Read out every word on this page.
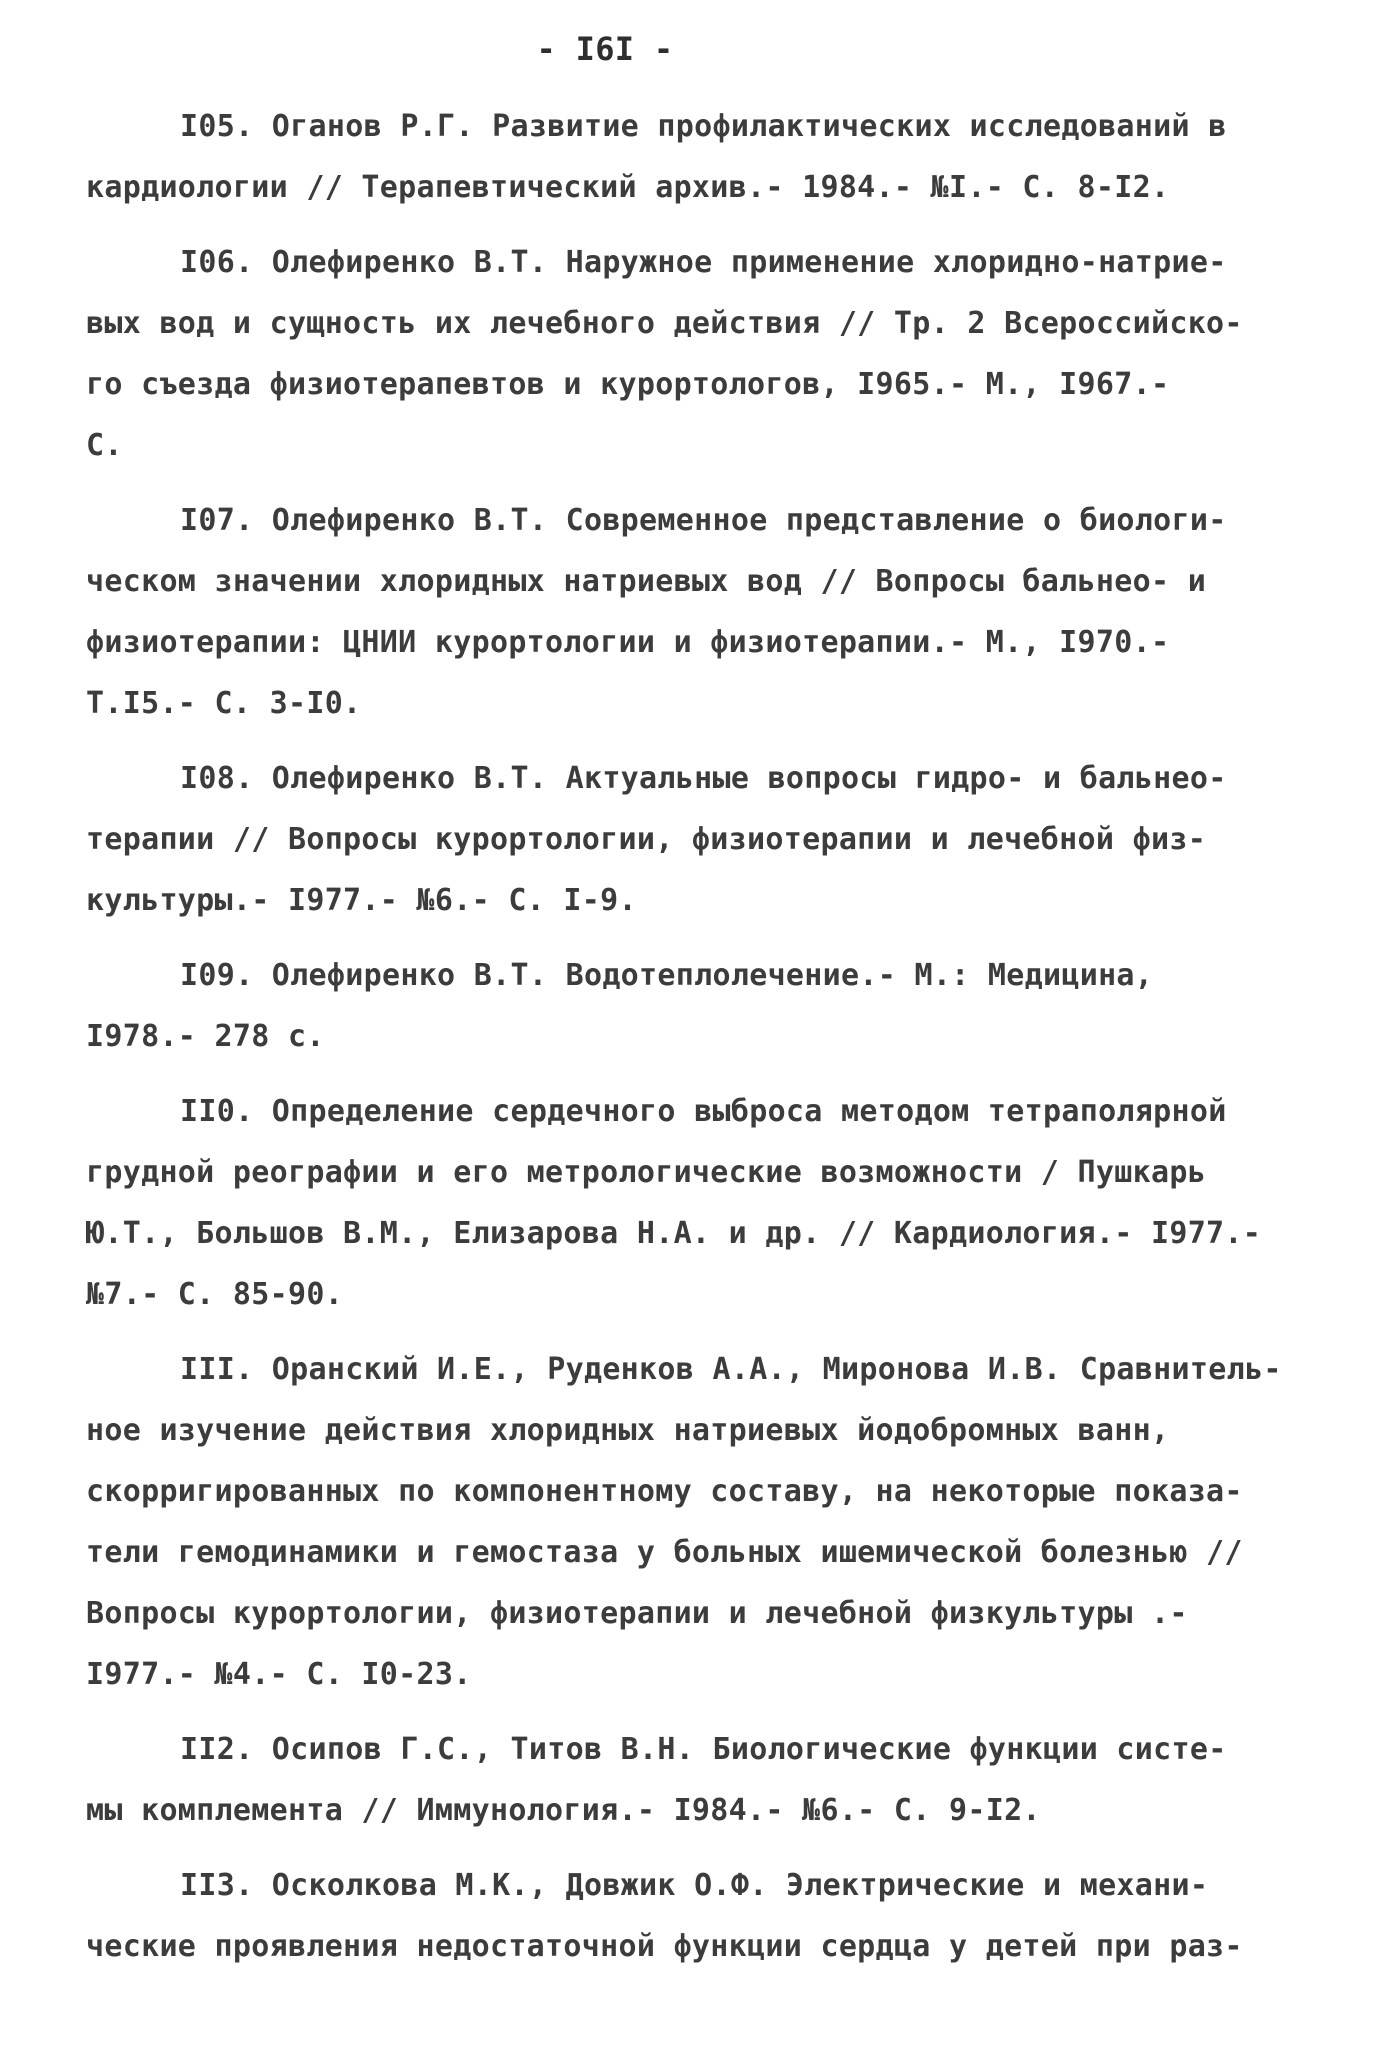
- I6I -
I05. Оганов Р.Г. Развитие профилактических исследований в
кардиологии // Терапевтический архив.- 1984.- №I.- С. 8-I2.
I06. Олефиренко В.Т. Наружное применение хлоридно-натрие-
вых вод и сущность их лечебного действия // Тр. 2 Всероссийско-
го съезда физиотерапевтов и курортологов, I965.- М., I967.-
С.
I07. Олефиренко В.Т. Современное представление о биологи-
ческом значении хлоридных натриевых вод // Вопросы бальнео- и
физиотерапии: ЦНИИ курортологии и физиотерапии.- М., I970.-
Т.I5.- С. 3-I0.
I08. Олефиренко В.Т. Актуальные вопросы гидро- и бальнео-
терапии // Вопросы курортологии, физиотерапии и лечебной физ-
культуры.- I977.- №6.- С. I-9.
I09. Олефиренко В.Т. Водотеплолечение.- М.: Медицина,
I978.- 278 с.
II0. Определение сердечного выброса методом тетраполярной
грудной реографии и его метрологические возможности / Пушкарь
Ю.Т., Большов В.М., Елизарова Н.А. и др. // Кардиология.- I977.-
№7.- С. 85-90.
III. Оранский И.Е., Руденков А.А., Миронова И.В. Сравнитель-
ное изучение действия хлоридных натриевых йодобромных ванн,
скорригированных по компонентному составу, на некоторые показа-
тели гемодинамики и гемостаза у больных ишемической болезнью //
Вопросы курортологии, физиотерапии и лечебной физкультуры .-
I977.- №4.- С. I0-23.
II2. Осипов Г.С., Титов В.Н. Биологические функции систе-
мы комплемента // Иммунология.- I984.- №6.- С. 9-I2.
II3. Осколкова М.К., Довжик О.Ф. Электрические и механи-
ческие проявления недостаточной функции сердца у детей при раз-
